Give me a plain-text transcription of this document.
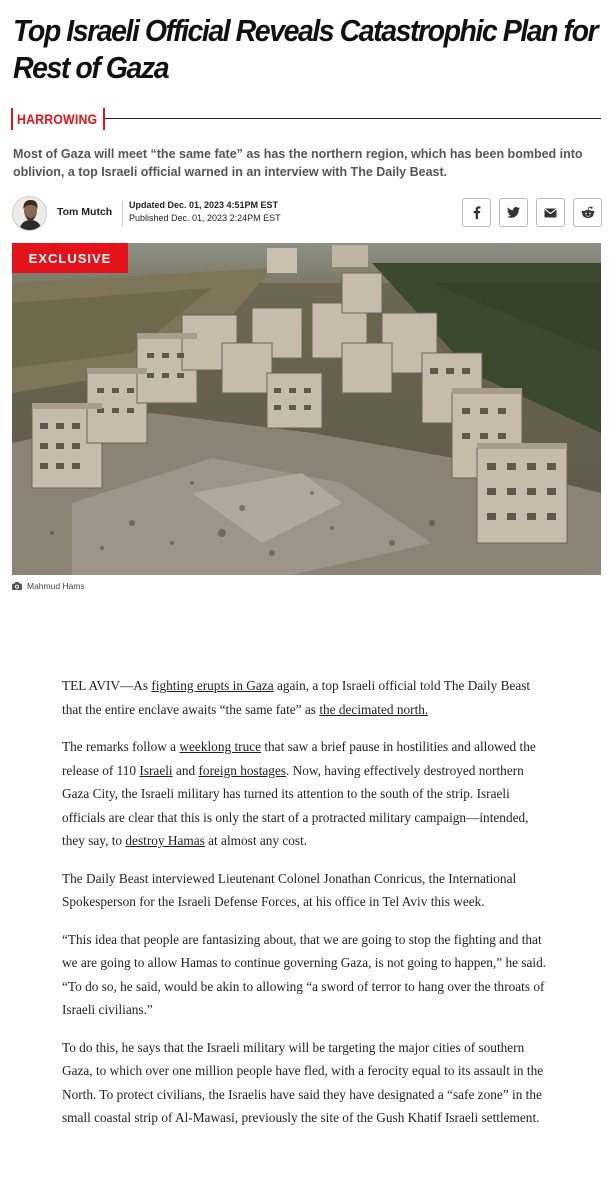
Top Israeli Official Reveals Catastrophic Plan for Rest of Gaza
HARROWING

Most of Gaza will meet “the same fate” as has the northern region, which has been bombed into oblivion, a top Israeli official warned in an interview with The Daily Beast.

Tom Mutch
Updated Dec. 01, 2023 4:51PM EST
Published Dec. 01, 2023 2:24PM EST
EXCLUSIVE
Mahmud Hams

TEL AVIV—As fighting erupts in Gaza again, a top Israeli official told The Daily Beast that the entire enclave awaits “the same fate” as the decimated north.

The remarks follow a weeklong truce that saw a brief pause in hostilities and allowed the release of 110 Israeli and foreign hostages. Now, having effectively destroyed northern Gaza City, the Israeli military has turned its attention to the south of the strip. Israeli officials are clear that this is only the start of a protracted military campaign—intended, they say, to destroy Hamas at almost any cost.

The Daily Beast interviewed Lieutenant Colonel Jonathan Conricus, the International Spokesperson for the Israeli Defense Forces, at his office in Tel Aviv this week.

“This idea that people are fantasizing about, that we are going to stop the fighting and that we are going to allow Hamas to continue governing Gaza, is not going to happen,” he said. “To do so, he said, would be akin to allowing “a sword of terror to hang over the throats of Israeli civilians.”

To do this, he says that the Israeli military will be targeting the major cities of southern Gaza, to which over one million people have fled, with a ferocity equal to its assault in the North. To protect civilians, the Israelis have said they have designated a “safe zone” in the small coastal strip of Al-Mawasi, previously the site of the Gush Khatif Israeli settlement.
